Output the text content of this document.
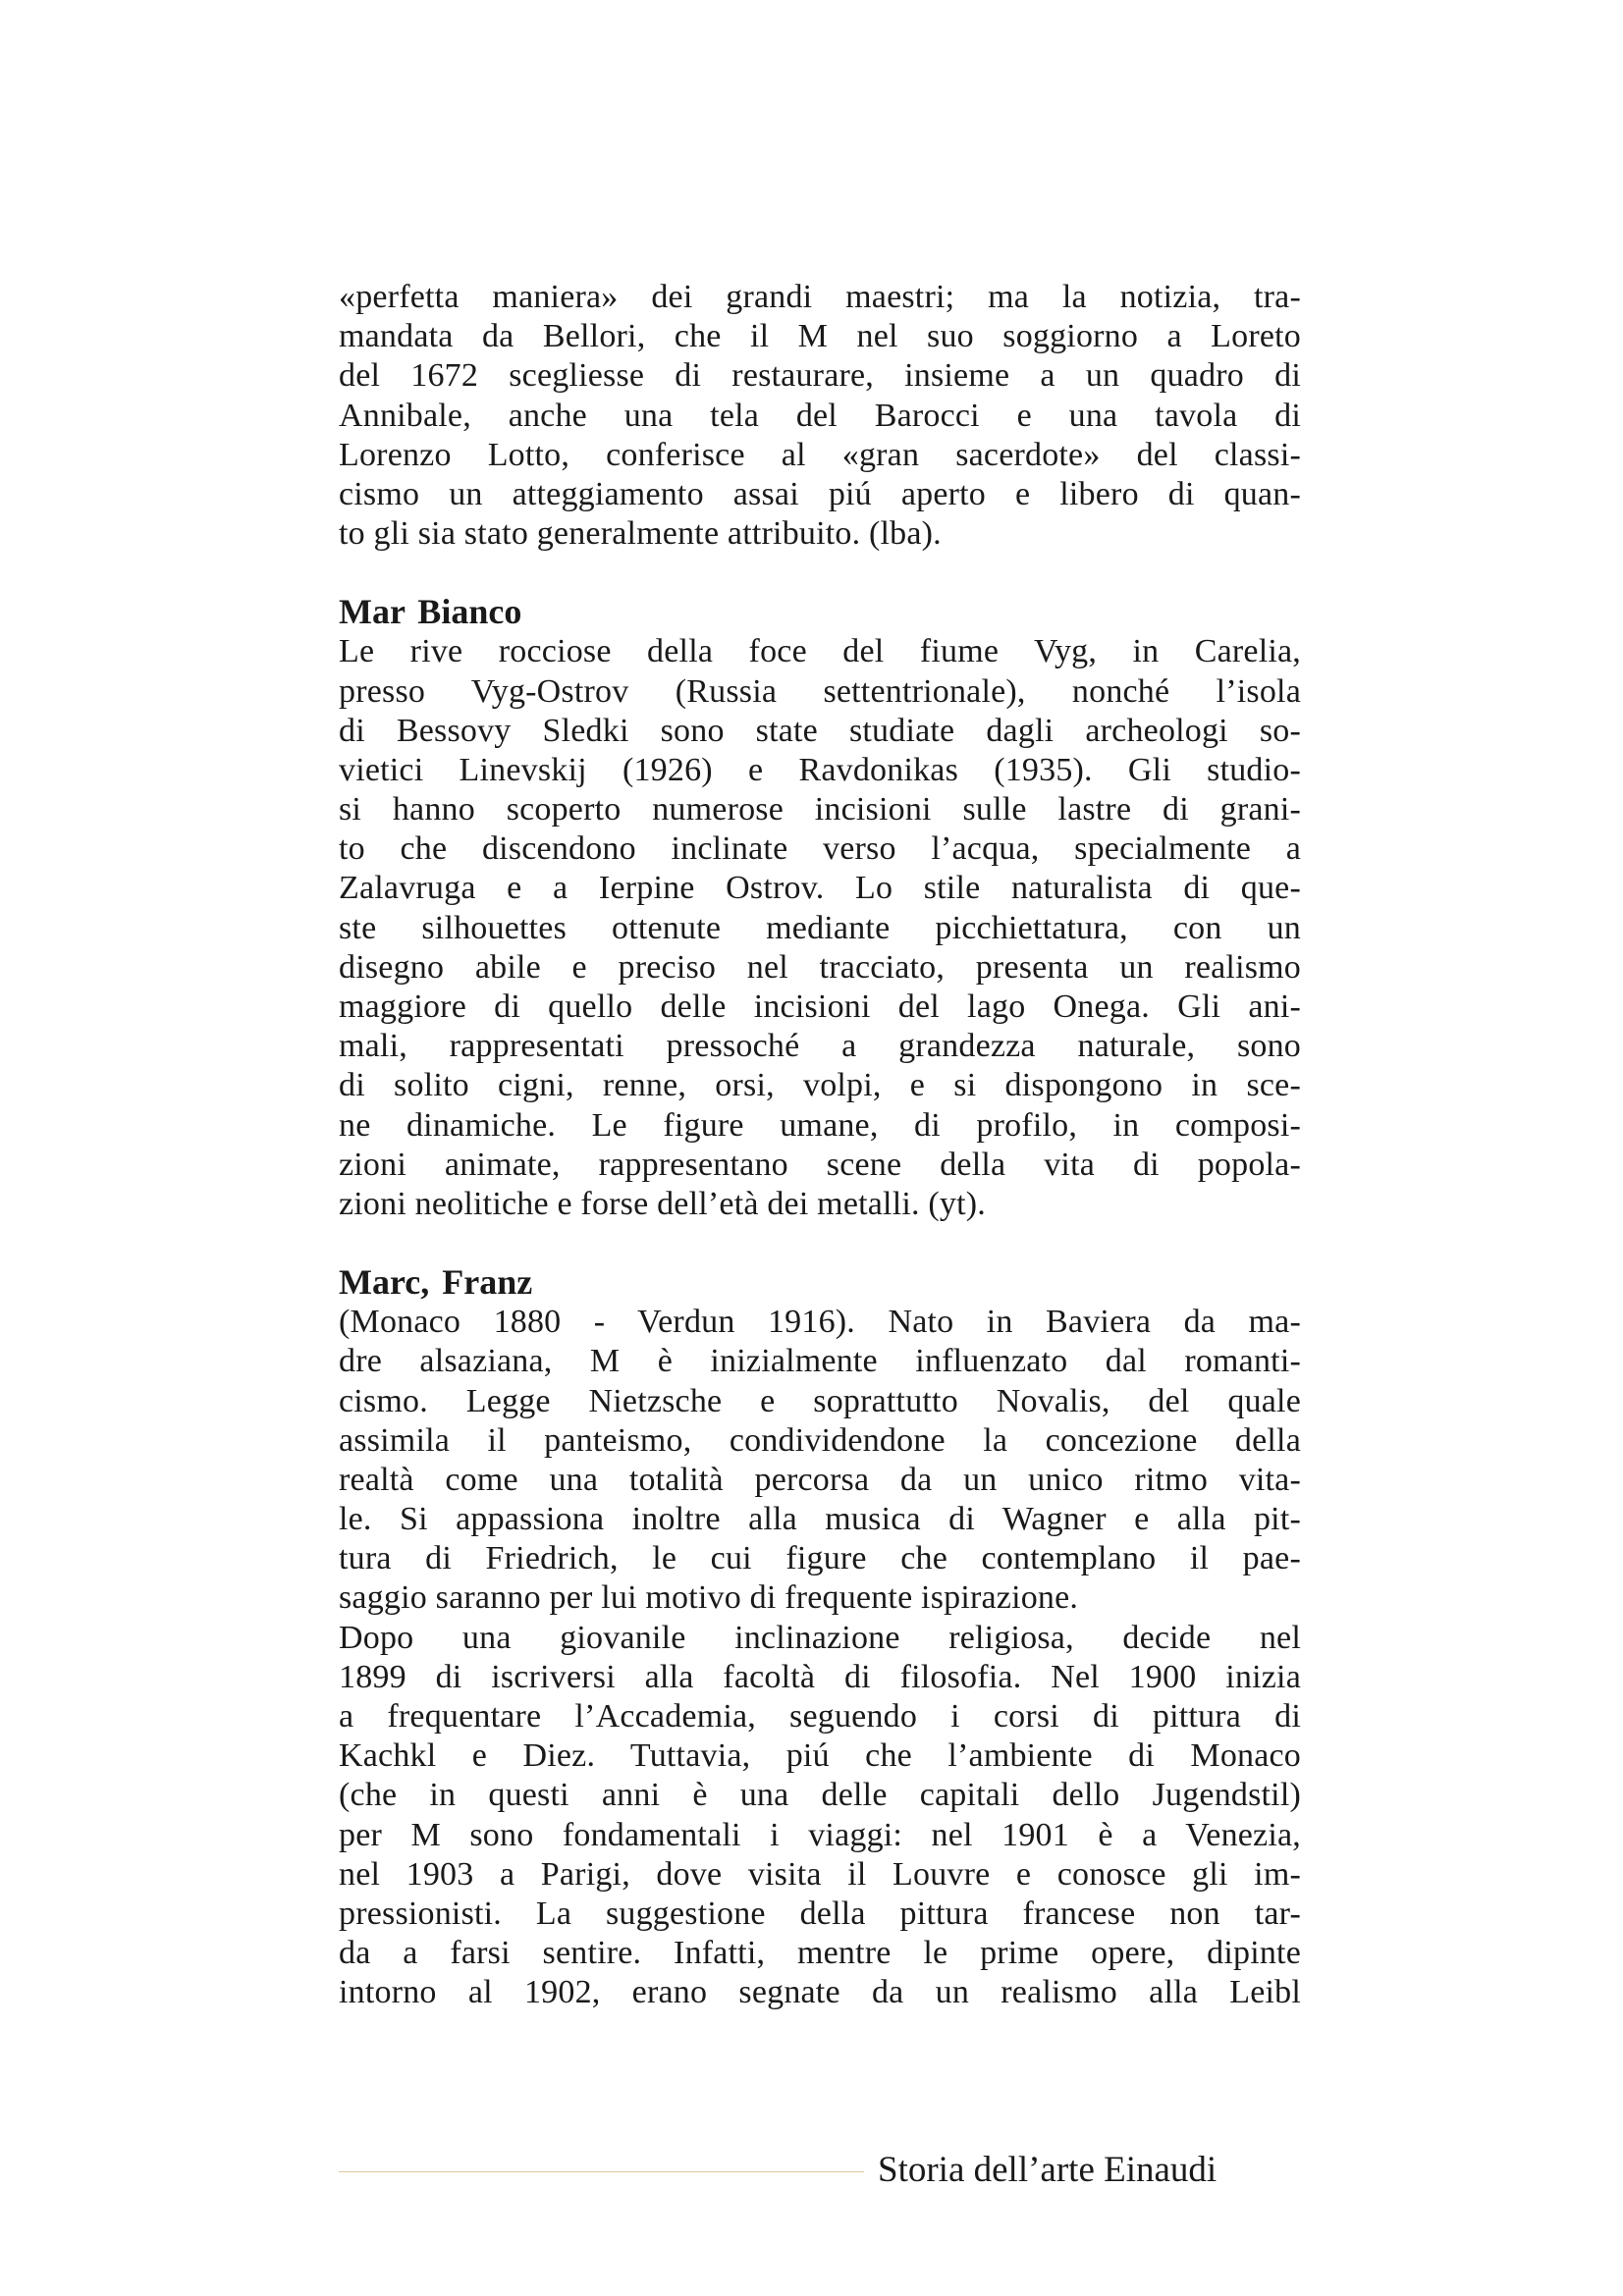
«perfetta maniera» dei grandi maestri; ma la notizia, tra-
mandata da Bellori, che il M nel suo soggiorno a Loreto
del 1672 scegliesse di restaurare, insieme a un quadro di
Annibale, anche una tela del Barocci e una tavola di
Lorenzo Lotto, conferisce al «gran sacerdote» del classi-
cismo un atteggiamento assai piú aperto e libero di quan-
to gli sia stato generalmente attribuito. (lba).
Mar Bianco
Le rive rocciose della foce del fiume Vyg, in Carelia,
presso Vyg-Ostrov (Russia settentrionale), nonché l’isola
di Bessovy Sledki sono state studiate dagli archeologi so-
vietici Linevskij (1926) e Ravdonikas (1935). Gli studio-
si hanno scoperto numerose incisioni sulle lastre di grani-
to che discendono inclinate verso l’acqua, specialmente a
Zalavruga e a Ierpine Ostrov. Lo stile naturalista di que-
ste silhouettes ottenute mediante picchiettatura, con un
disegno abile e preciso nel tracciato, presenta un realismo
maggiore di quello delle incisioni del lago Onega. Gli ani-
mali, rappresentati pressoché a grandezza naturale, sono
di solito cigni, renne, orsi, volpi, e si dispongono in sce-
ne dinamiche. Le figure umane, di profilo, in composi-
zioni animate, rappresentano scene della vita di popola-
zioni neolitiche e forse dell’età dei metalli. (yt).
Marc, Franz
(Monaco 1880 - Verdun 1916). Nato in Baviera da ma-
dre alsaziana, M è inizialmente influenzato dal romanti-
cismo. Legge Nietzsche e soprattutto Novalis, del quale
assimila il panteismo, condividendone la concezione della
realtà come una totalità percorsa da un unico ritmo vita-
le. Si appassiona inoltre alla musica di Wagner e alla pit-
tura di Friedrich, le cui figure che contemplano il pae-
saggio saranno per lui motivo di frequente ispirazione.
Dopo una giovanile inclinazione religiosa, decide nel
1899 di iscriversi alla facoltà di filosofia. Nel 1900 inizia
a frequentare l’Accademia, seguendo i corsi di pittura di
Kachkl e Diez. Tuttavia, piú che l’ambiente di Monaco
(che in questi anni è una delle capitali dello Jugendstil)
per M sono fondamentali i viaggi: nel 1901 è a Venezia,
nel 1903 a Parigi, dove visita il Louvre e conosce gli im-
pressionisti. La suggestione della pittura francese non tar-
da a farsi sentire. Infatti, mentre le prime opere, dipinte
intorno al 1902, erano segnate da un realismo alla Leibl
Storia dell’arte Einaudi
